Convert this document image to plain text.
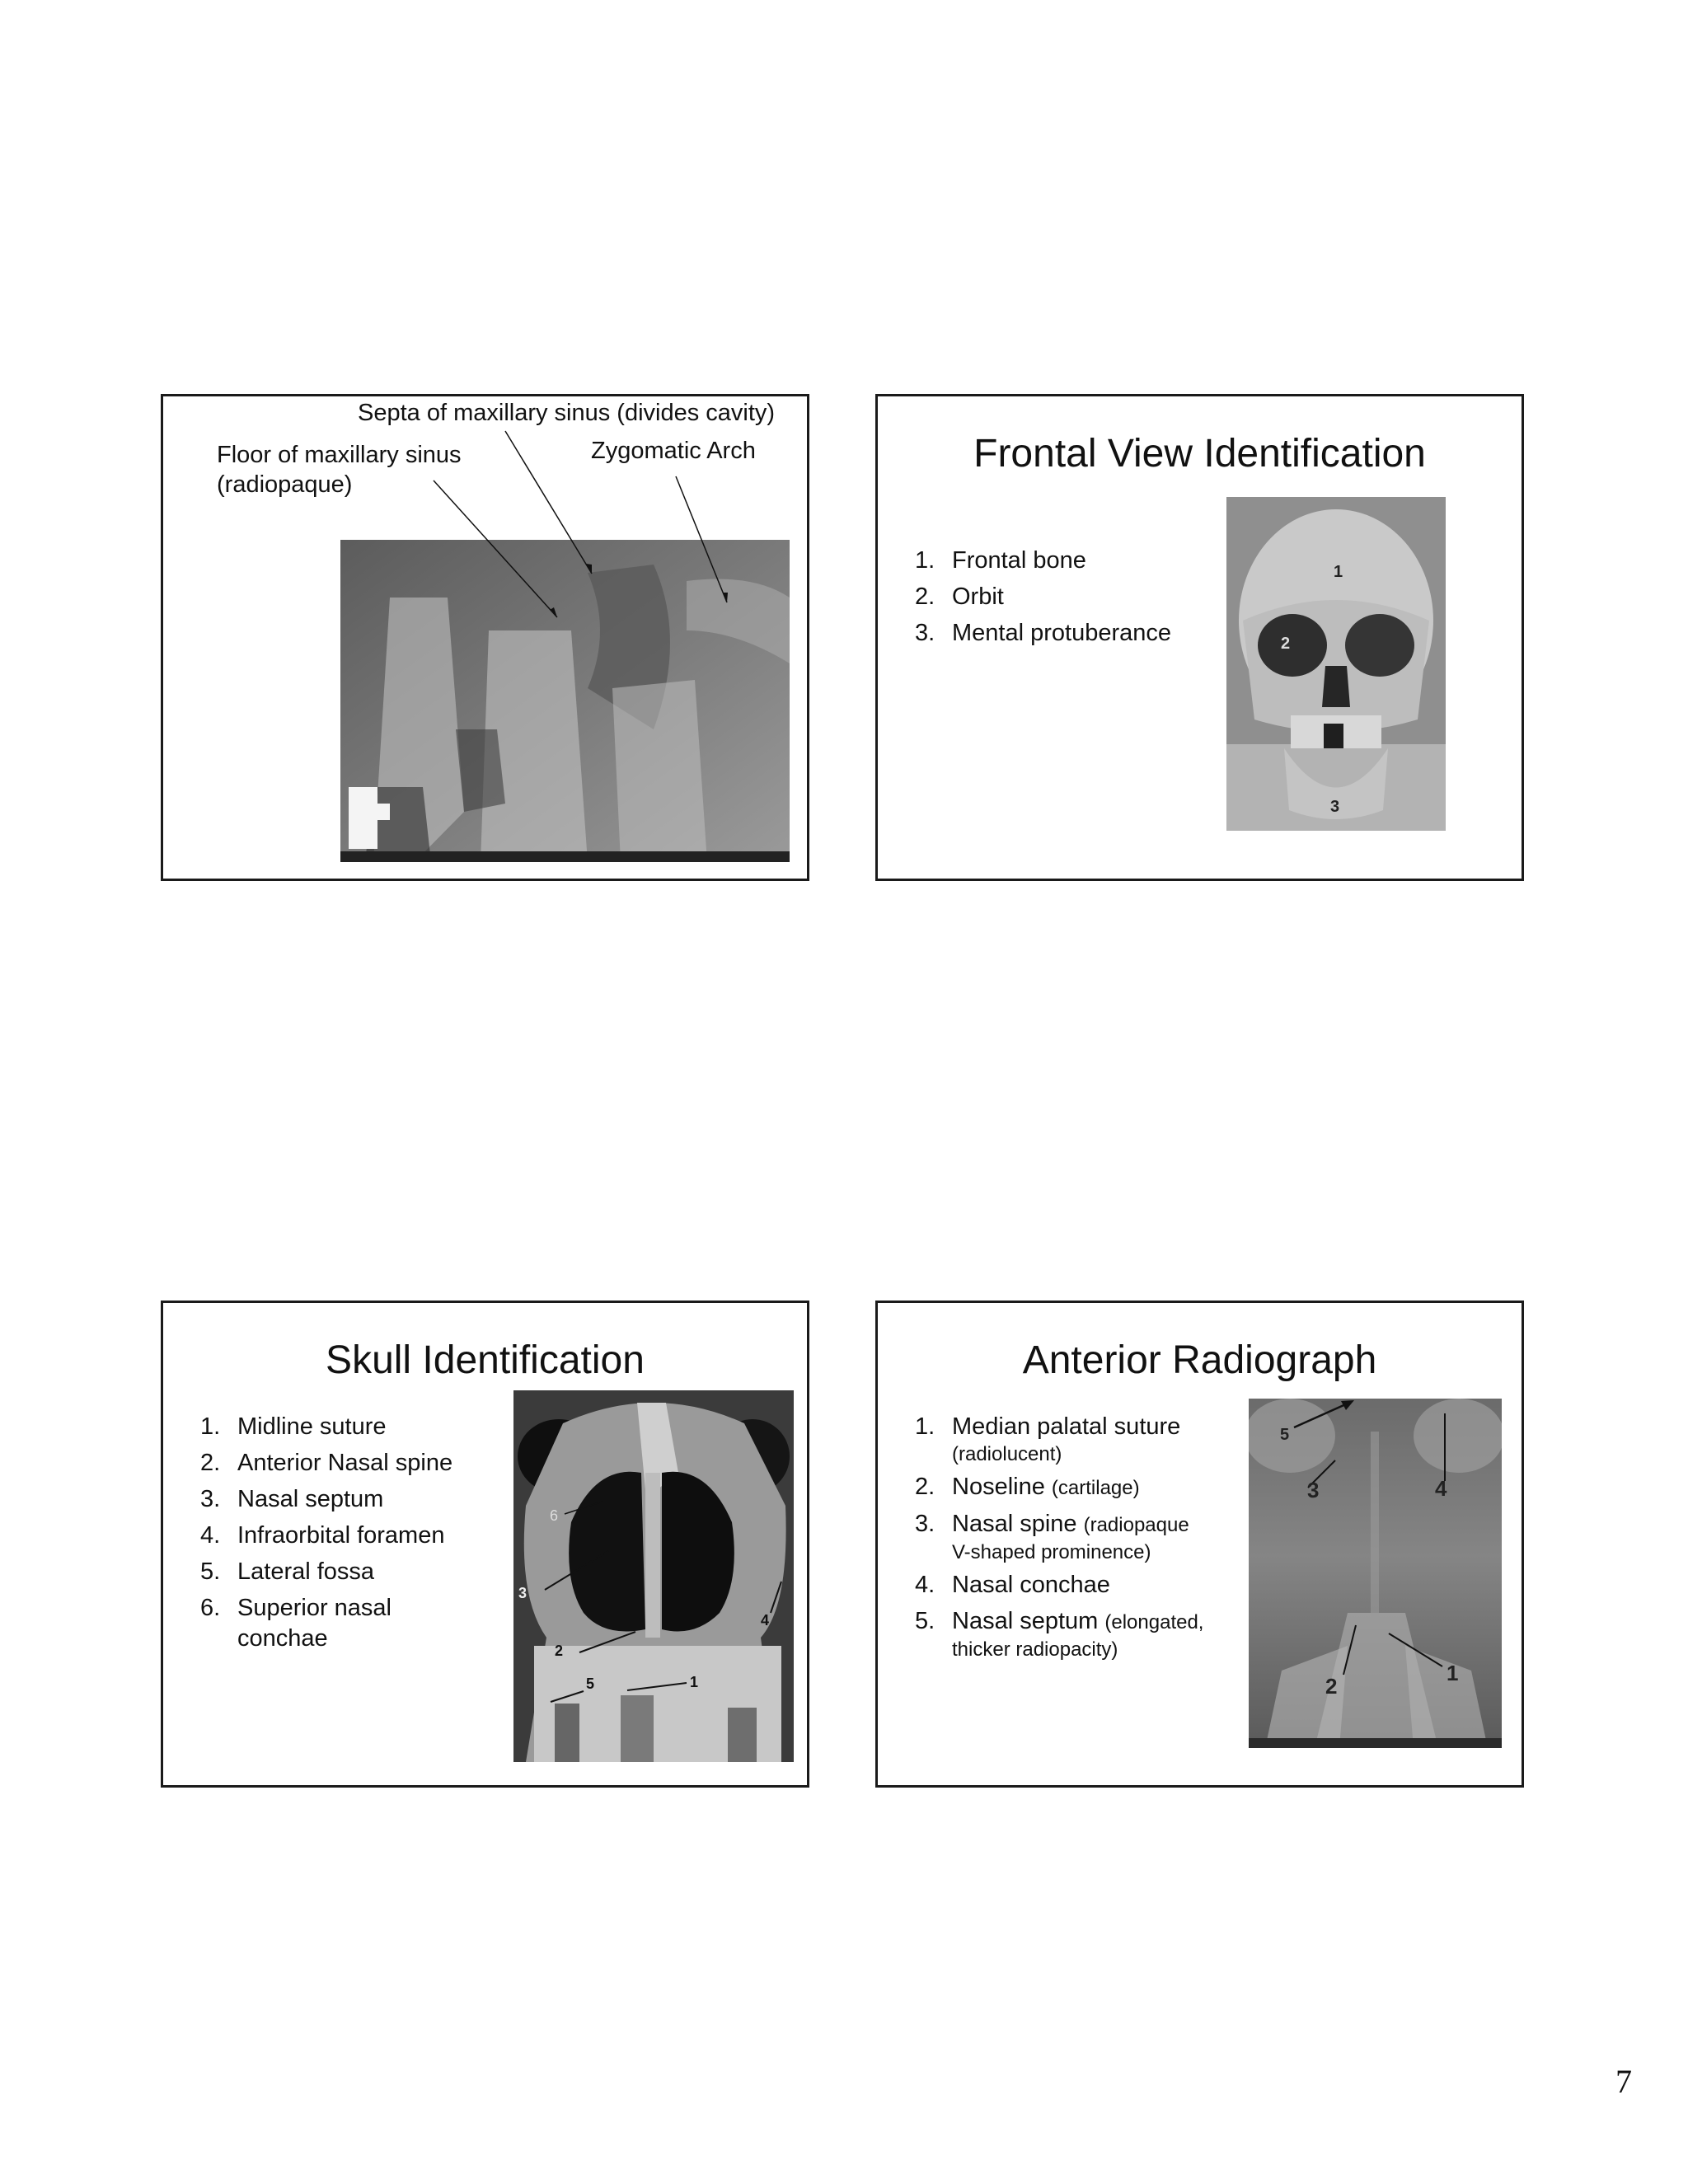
Septa of maxillary sinus (divides cavity)
Floor of maxillary sinus
(radiopaque)
Zygomatic Arch	Frontal View Identification
1. Frontal bone
2. Orbit
3. Mental protuberance
1
2
3
Skull Identification
1. Midline suture
2. Anterior Nasal spine
3. Nasal septum
4. Infraorbital foramen
5. Lateral fossa
6. Superior nasal
conchae
1
2
3
4
5
6
Anterior Radiograph
1. Median palatal suture
(radiolucent)
2. Noseline (cartilage)
3. Nasal spine (radiopaque
V-shaped prominence)
4. Nasal conchae
5. Nasal septum (elongated,
thicker radiopacity)
1
2
3	4
5
7
